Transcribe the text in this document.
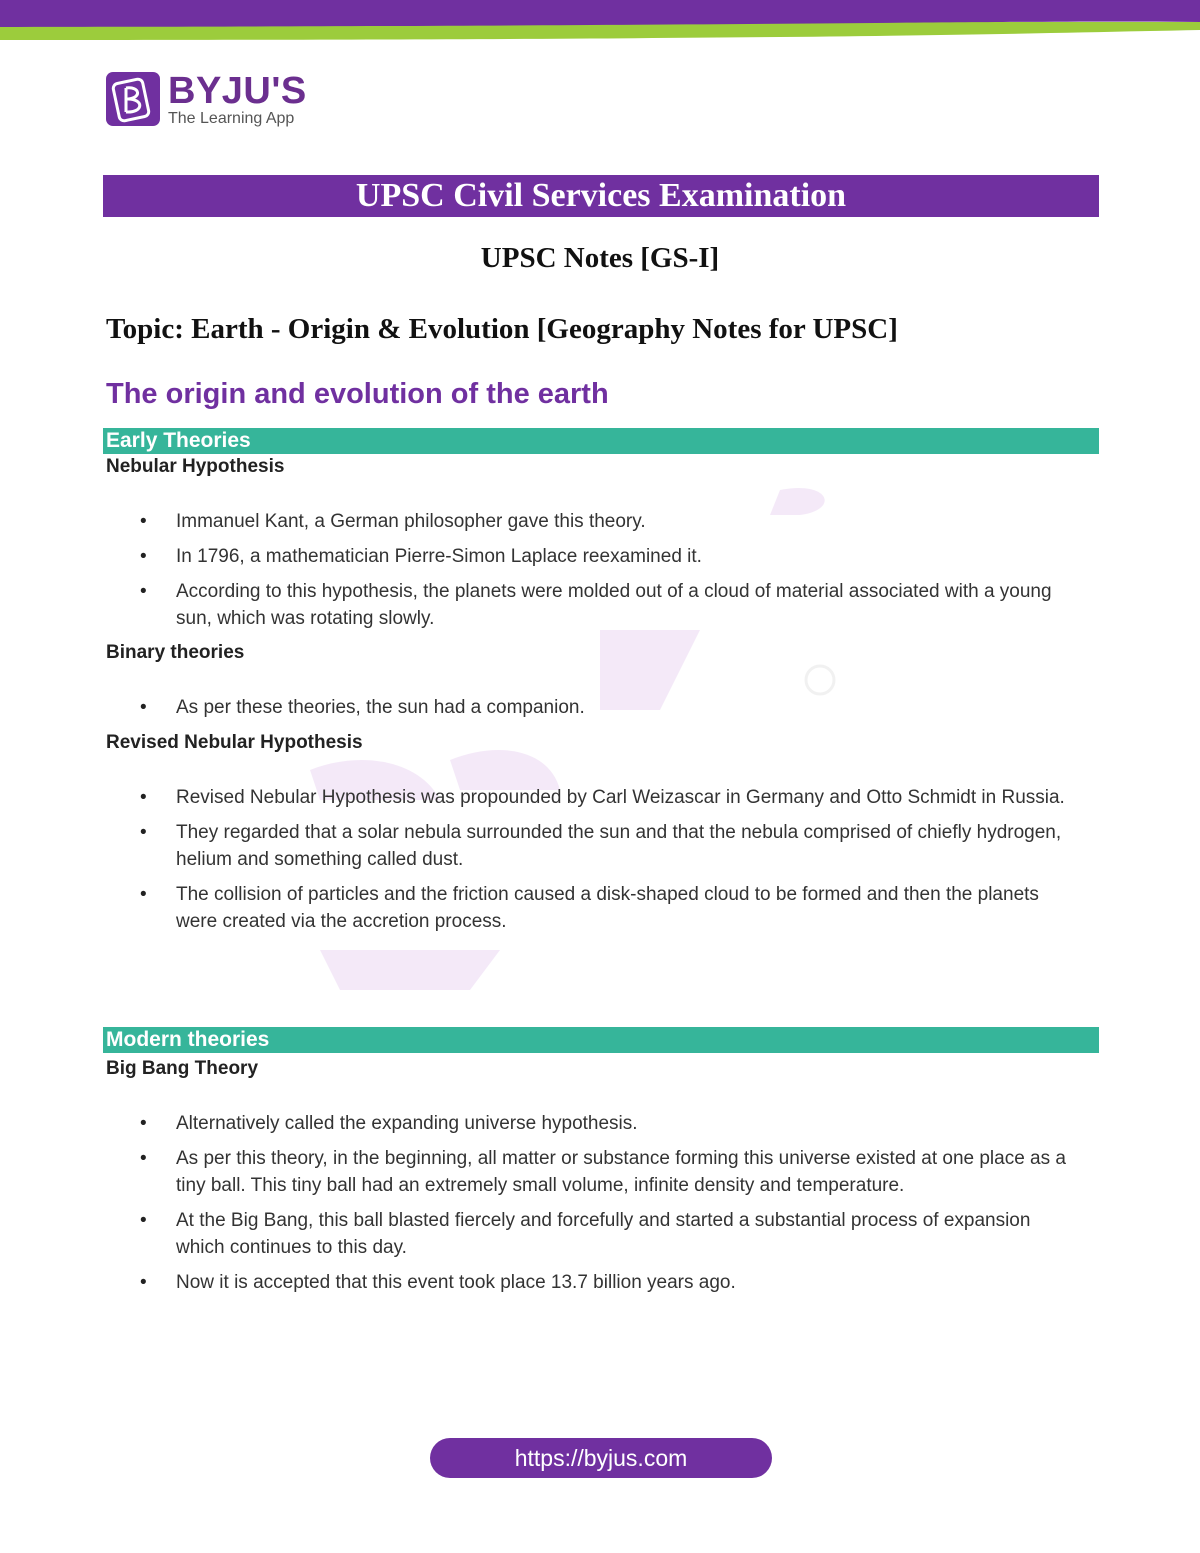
BYJU'S
The Learning App
UPSC Civil Services Examination
UPSC Notes [GS-I]
Topic: Earth - Origin & Evolution [Geography Notes for UPSC]
The origin and evolution of the earth
Early Theories
Nebular Hypothesis
• Immanuel Kant, a German philosopher gave this theory.
• In 1796, a mathematician Pierre-Simon Laplace reexamined it.
• According to this hypothesis, the planets were molded out of a cloud of material associated with a young sun, which was rotating slowly.
Binary theories
• As per these theories, the sun had a companion.
Revised Nebular Hypothesis
• Revised Nebular Hypothesis was propounded by Carl Weizascar in Germany and Otto Schmidt in Russia.
• They regarded that a solar nebula surrounded the sun and that the nebula comprised of chiefly hydrogen, helium and something called dust.
• The collision of particles and the friction caused a disk-shaped cloud to be formed and then the planets were created via the accretion process.
Modern theories
Big Bang Theory
• Alternatively called the expanding universe hypothesis.
• As per this theory, in the beginning, all matter or substance forming this universe existed at one place as a tiny ball. This tiny ball had an extremely small volume, infinite density and temperature.
• At the Big Bang, this ball blasted fiercely and forcefully and started a substantial process of expansion which continues to this day.
• Now it is accepted that this event took place 13.7 billion years ago.
https://byjus.com
